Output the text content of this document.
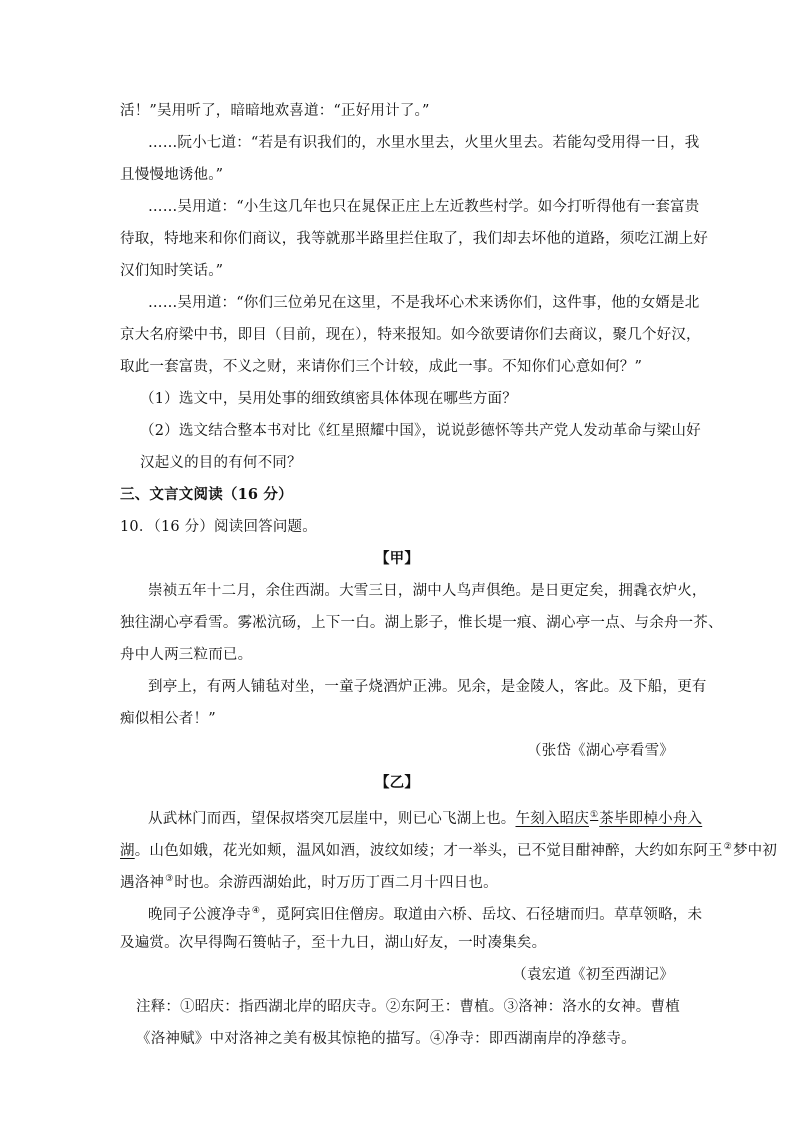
活！”吴用听了，暗暗地欢喜道：“正好用计了。”
……阮小七道：“若是有识我们的，水里水里去，火里火里去。若能勾受用得一日，我
且慢慢地诱他。”
……吴用道：“小生这几年也只在晁保正庄上左近教些村学。如今打听得他有一套富贵
待取，特地来和你们商议，我等就那半路里拦住取了，我们却去坏他的道路，须吃江湖上好
汉们知时笑话。”
……吴用道：“你们三位弟兄在这里，不是我坏心术来诱你们，这件事，他的女婿是北
京大名府梁中书，即目（目前，现在），特来报知。如今欲要请你们去商议，聚几个好汉，
取此一套富贵，不义之财，来请你们三个计较，成此一事。不知你们心意如何？”
（1）选文中，吴用处事的细致缜密具体体现在哪些方面？
（2）选文结合整本书对比《红星照耀中国》，说说彭德怀等共产党人发动革命与梁山好
汉起义的目的有何不同？
三、文言文阅读（16 分）
10．（16 分）阅读回答问题。
【甲】
崇祯五年十二月，余住西湖。大雪三日，湖中人鸟声俱绝。是日更定矣，拥毳衣炉火，
独往湖心亭看雪。雾凇沆砀，上下一白。湖上影子，惟长堤一痕、湖心亭一点、与余舟一芥、
舟中人两三粒而已。
到亭上，有两人铺毡对坐，一童子烧酒炉正沸。见余，是金陵人，客此。及下船，更有
痴似相公者！”
（张岱《湖心亭看雪》
【乙】
从武林门而西，望保叔塔突兀层崖中，则已心飞湖上也。午刻入昭庆①茶毕即棹小舟入
湖。山色如娥，花光如颊，温风如酒，波纹如绫；才一举头，已不觉目酣神醉，大约如东阿王②梦中初
遇洛神③时也。余游西湖始此，时万历丁酉二月十四日也。
晚同子公渡净寺④，觅阿宾旧住僧房。取道由六桥、岳坟、石径塘而归。草草领略，未
及遍赏。次早得陶石篑帖子，至十九日，湖山好友，一时凑集矣。
（袁宏道《初至西湖记》
注释：①昭庆：指西湖北岸的昭庆寺。②东阿王：曹植。③洛神：洛水的女神。曹植
《洛神赋》中对洛神之美有极其惊艳的描写。④净寺：即西湖南岸的净慈寺。
